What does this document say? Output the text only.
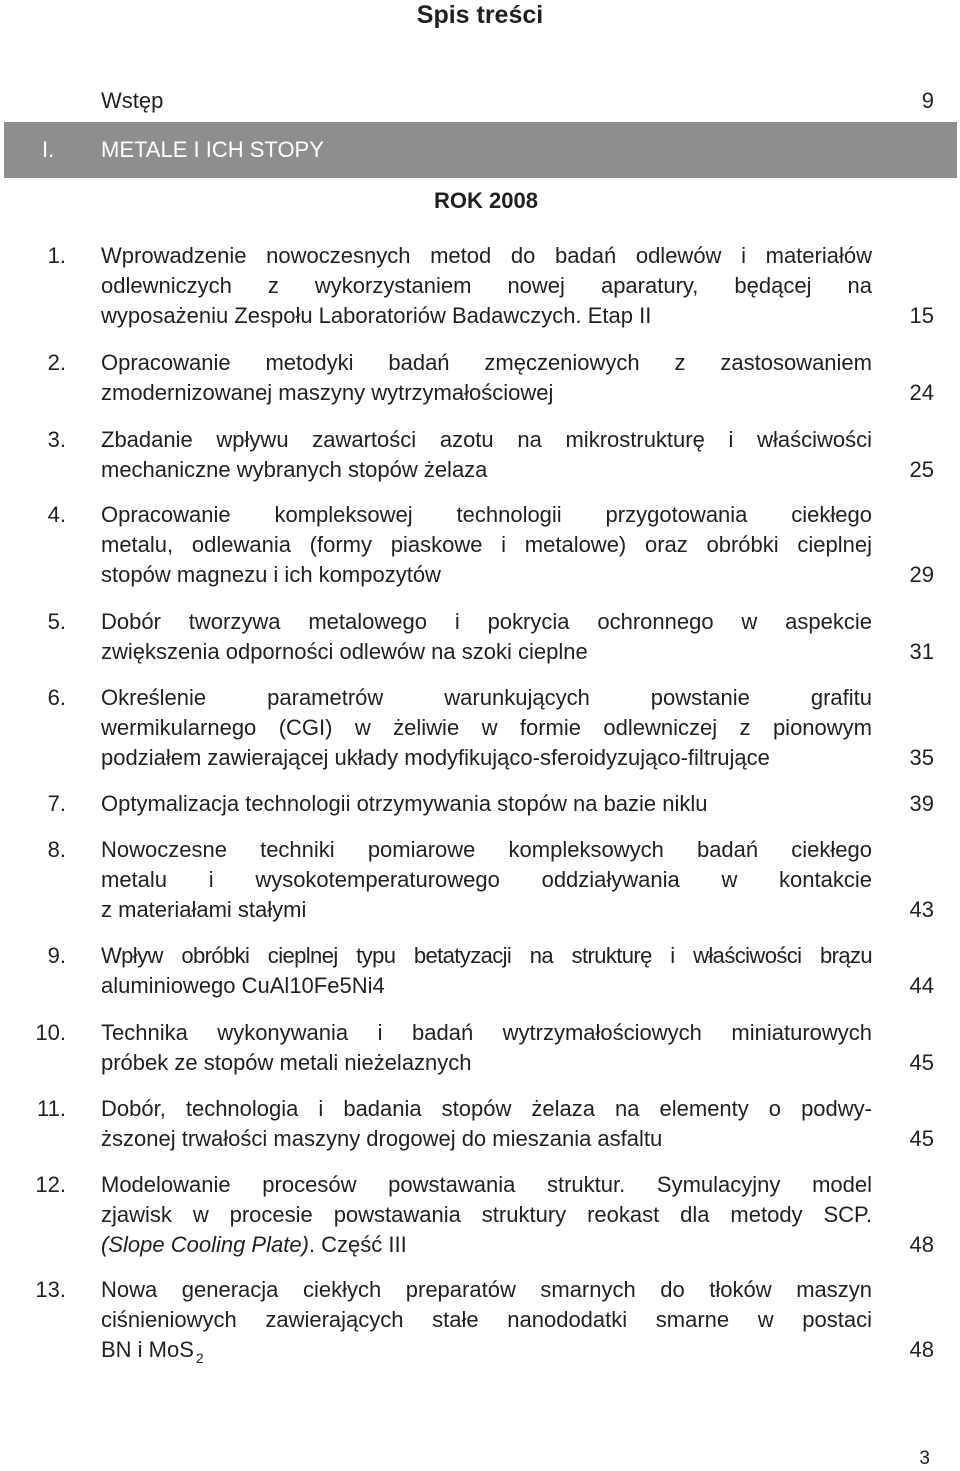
Spis treści
Wstęp	9
I. METALE I ICH STOPY
ROK 2008
1. Wprowadzenie nowoczesnych metod do badań odlewów i materiałów
odlewniczych z wykorzystaniem nowej aparatury, będącej na
wyposażeniu Zespołu Laboratoriów Badawczych. Etap II	15
2. Opracowanie metodyki badań zmęczeniowych z zastosowaniem
zmodernizowanej maszyny wytrzymałościowej	24
3. Zbadanie wpływu zawartości azotu na mikrostrukturę i właściwości
mechaniczne wybranych stopów żelaza	25
4. Opracowanie kompleksowej technologii przygotowania ciekłego
metalu, odlewania (formy piaskowe i metalowe) oraz obróbki cieplnej
stopów magnezu i ich kompozytów	29
5. Dobór tworzywa metalowego i pokrycia ochronnego w aspekcie
zwiększenia odporności odlewów na szoki cieplne	31
6. Określenie parametrów warunkujących powstanie grafitu
wermikularnego (CGI) w żeliwie w formie odlewniczej z pionowym
podziałem zawierającej układy modyfikująco-sferoidyzująco-filtrujące	35
7. Optymalizacja technologii otrzymywania stopów na bazie niklu	39
8. Nowoczesne techniki pomiarowe kompleksowych badań ciekłego
metalu i wysokotemperaturowego oddziaływania w kontakcie
z materiałami stałymi	43
9. Wpływ obróbki cieplnej typu betatyzacji na strukturę i właściwości brązu
aluminiowego CuAl10Fe5Ni4	44
10. Technika wykonywania i badań wytrzymałościowych miniaturowych
próbek ze stopów metali nieżelaznych	45
11. Dobór, technologia i badania stopów żelaza na elementy o podwy-
ższonej trwałości maszyny drogowej do mieszania asfaltu	45
12. Modelowanie procesów powstawania struktur. Symulacyjny model
zjawisk w procesie powstawania struktury reokast dla metody SCP.
(Slope Cooling Plate). Część III	48
13. Nowa generacja ciekłych preparatów smarnych do tłoków maszyn
ciśnieniowych zawierających stałe nanododatki smarne w postaci
BN i MoS $_2$	48
3
